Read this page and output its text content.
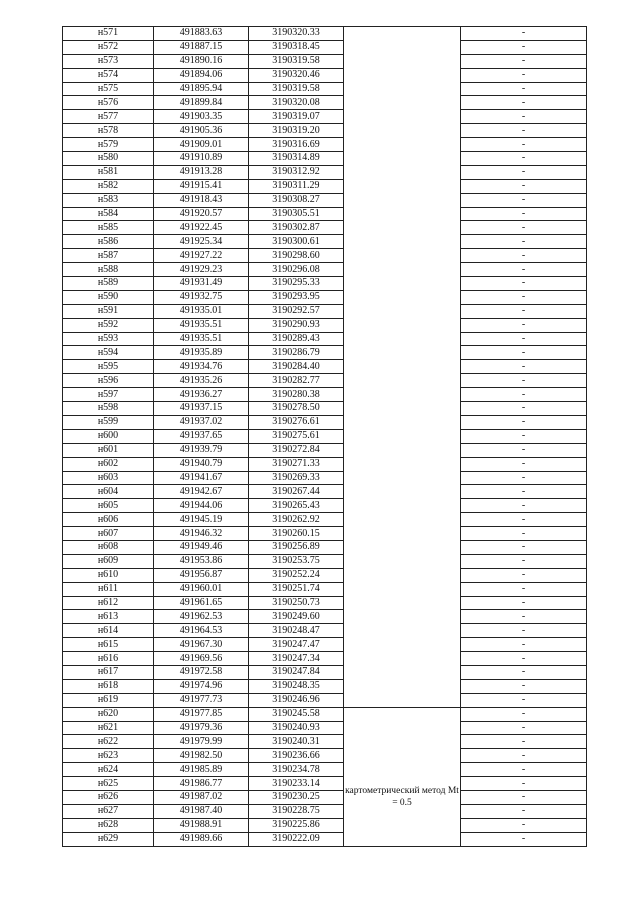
н571	491883.63	3190320.33		-
н572	491887.15	3190318.45		-
н573	491890.16	3190319.58		-
н574	491894.06	3190320.46		-
н575	491895.94	3190319.58		-
н576	491899.84	3190320.08		-
н577	491903.35	3190319.07		-
н578	491905.36	3190319.20		-
н579	491909.01	3190316.69		-
н580	491910.89	3190314.89		-
н581	491913.28	3190312.92		-
н582	491915.41	3190311.29		-
н583	491918.43	3190308.27		-
н584	491920.57	3190305.51		-
н585	491922.45	3190302.87		-
н586	491925.34	3190300.61		-
н587	491927.22	3190298.60		-
н588	491929.23	3190296.08		-
н589	491931.49	3190295.33		-
н590	491932.75	3190293.95		-
н591	491935.01	3190292.57		-
н592	491935.51	3190290.93		-
н593	491935.51	3190289.43		-
н594	491935.89	3190286.79		-
н595	491934.76	3190284.40		-
н596	491935.26	3190282.77		-
н597	491936.27	3190280.38		-
н598	491937.15	3190278.50		-
н599	491937.02	3190276.61		-
н600	491937.65	3190275.61		-
н601	491939.79	3190272.84		-
н602	491940.79	3190271.33		-
н603	491941.67	3190269.33		-
н604	491942.67	3190267.44		-
н605	491944.06	3190265.43		-
н606	491945.19	3190262.92		-
н607	491946.32	3190260.15		-
н608	491949.46	3190256.89		-
н609	491953.86	3190253.75		-
н610	491956.87	3190252.24		-
н611	491960.01	3190251.74		-
н612	491961.65	3190250.73		-
н613	491962.53	3190249.60		-
н614	491964.53	3190248.47		-
н615	491967.30	3190247.47		-
н616	491969.56	3190247.34		-
н617	491972.58	3190247.84		-
н618	491974.96	3190248.35		-
н619	491977.73	3190246.96		-
н620	491977.85	3190245.58	картометрический метод Mt = 0.5	-
н621	491979.36	3190240.93		-
н622	491979.99	3190240.31		-
н623	491982.50	3190236.66		-
н624	491985.89	3190234.78		-
н625	491986.77	3190233.14		-
н626	491987.02	3190230.25		-
н627	491987.40	3190228.75		-
н628	491988.91	3190225.86		-
н629	491989.66	3190222.09		-
